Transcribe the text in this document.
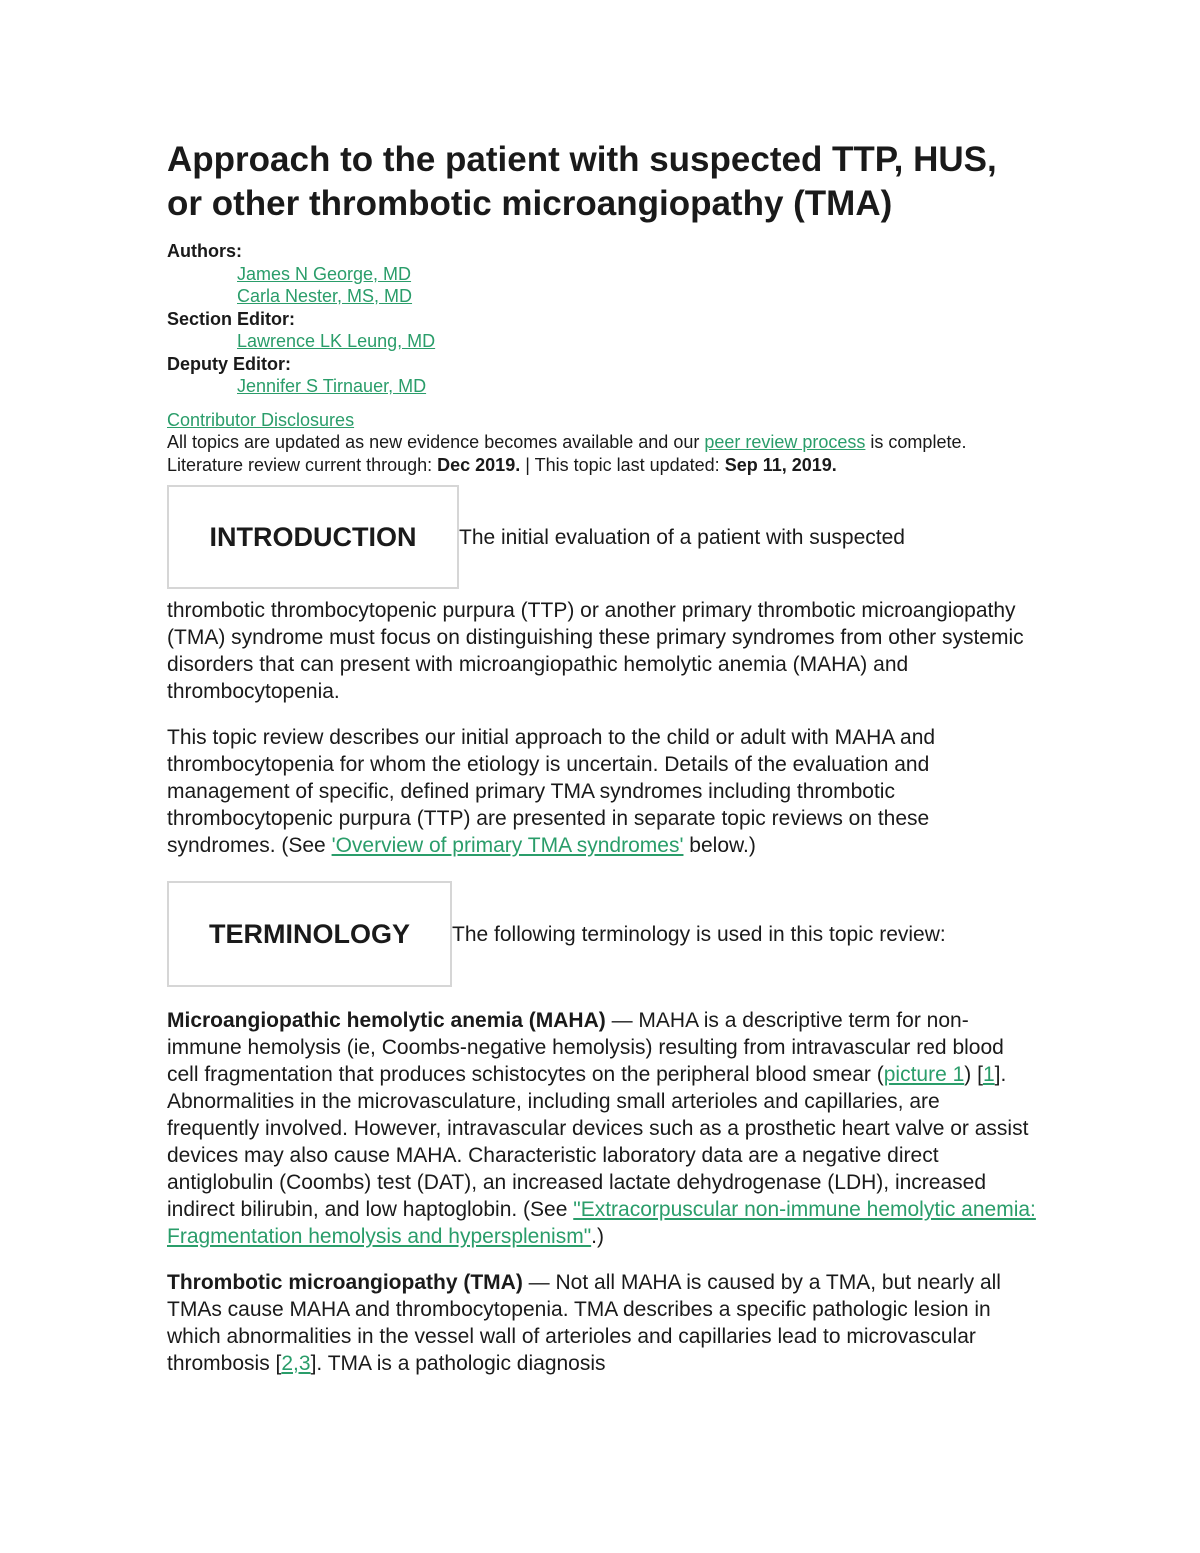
Approach to the patient with suspected TTP, HUS, or other thrombotic microangiopathy (TMA)
Authors:
James N George, MD
Carla Nester, MS, MD
Section Editor:
Lawrence LK Leung, MD
Deputy Editor:
Jennifer S Tirnauer, MD
Contributor Disclosures
All topics are updated as new evidence becomes available and our peer review process is complete.
Literature review current through: Dec 2019. | This topic last updated: Sep 11, 2019.
INTRODUCTION	The initial evaluation of a patient with suspected

thrombotic thrombocytopenic purpura (TTP) or another primary thrombotic microangiopathy (TMA) syndrome must focus on distinguishing these primary syndromes from other systemic disorders that can present with microangiopathic hemolytic anemia (MAHA) and thrombocytopenia.

This topic review describes our initial approach to the child or adult with MAHA and thrombocytopenia for whom the etiology is uncertain. Details of the evaluation and management of specific, defined primary TMA syndromes including thrombotic thrombocytopenic purpura (TTP) are presented in separate topic reviews on these syndromes. (See 'Overview of primary TMA syndromes' below.)

TERMINOLOGY	The following terminology is used in this topic review:

Microangiopathic hemolytic anemia (MAHA) — MAHA is a descriptive term for non-immune hemolysis (ie, Coombs-negative hemolysis) resulting from intravascular red blood cell fragmentation that produces schistocytes on the peripheral blood smear (picture 1) [1]. Abnormalities in the microvasculature, including small arterioles and capillaries, are frequently involved. However, intravascular devices such as a prosthetic heart valve or assist devices may also cause MAHA. Characteristic laboratory data are a negative direct antiglobulin (Coombs) test (DAT), an increased lactate dehydrogenase (LDH), increased indirect bilirubin, and low haptoglobin. (See "Extracorpuscular non-immune hemolytic anemia: Fragmentation hemolysis and hypersplenism".)

Thrombotic microangiopathy (TMA) — Not all MAHA is caused by a TMA, but nearly all TMAs cause MAHA and thrombocytopenia. TMA describes a specific pathologic lesion in which abnormalities in the vessel wall of arterioles and capillaries lead to microvascular thrombosis [2,3]. TMA is a pathologic diagnosis
